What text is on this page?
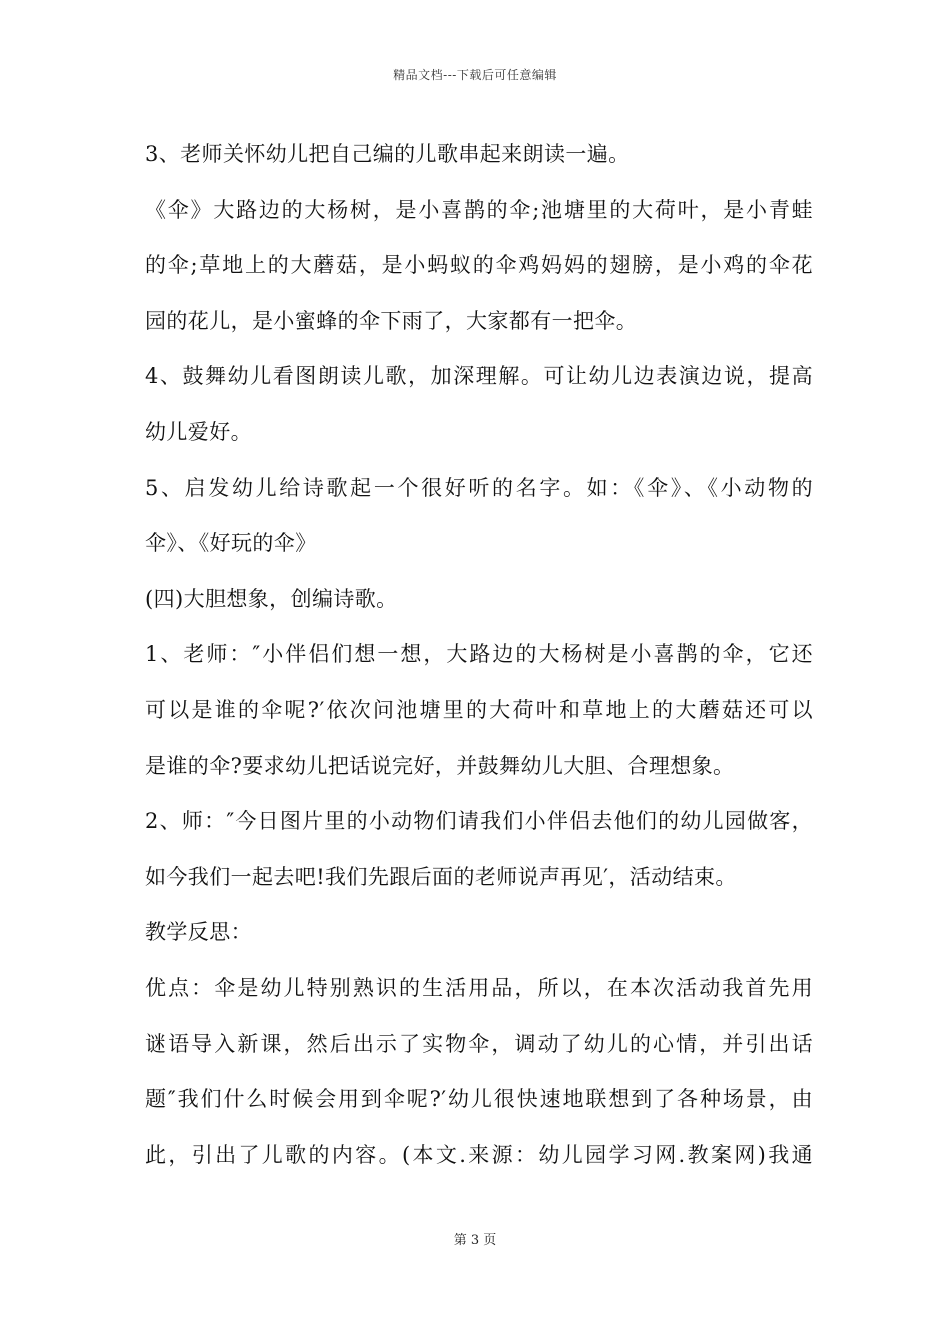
精品文档---下载后可任意编辑
3、老师关怀幼儿把自己编的儿歌串起来朗读一遍。
《伞》大路边的大杨树，是小喜鹊的伞;池塘里的大荷叶，是小青蛙
的伞;草地上的大蘑菇，是小蚂蚁的伞鸡妈妈的翅膀，是小鸡的伞花
园的花儿，是小蜜蜂的伞下雨了，大家都有一把伞。
4、鼓舞幼儿看图朗读儿歌，加深理解。可让幼儿边表演边说，提高
幼儿爱好。
5、启发幼儿给诗歌起一个很好听的名字。如：《伞》、《小动物的
伞》、《好玩的伞》
(四)大胆想象，创编诗歌。
1、老师：″小伴侣们想一想，大路边的大杨树是小喜鹊的伞，它还
可以是谁的伞呢?′依次问池塘里的大荷叶和草地上的大蘑菇还可以
是谁的伞?要求幼儿把话说完好，并鼓舞幼儿大胆、合理想象。
2、师：″今日图片里的小动物们请我们小伴侣去他们的幼儿园做客，
如今我们一起去吧!我们先跟后面的老师说声再见′，活动结束。
教学反思：
优点：伞是幼儿特别熟识的生活用品，所以，在本次活动我首先用
谜语导入新课，然后出示了实物伞，调动了幼儿的心情，并引出话
题″我们什么时候会用到伞呢?′幼儿很快速地联想到了各种场景，由
此，引出了儿歌的内容。(本文.来源：幼儿园学习网.教案网)我通
第 3 页
